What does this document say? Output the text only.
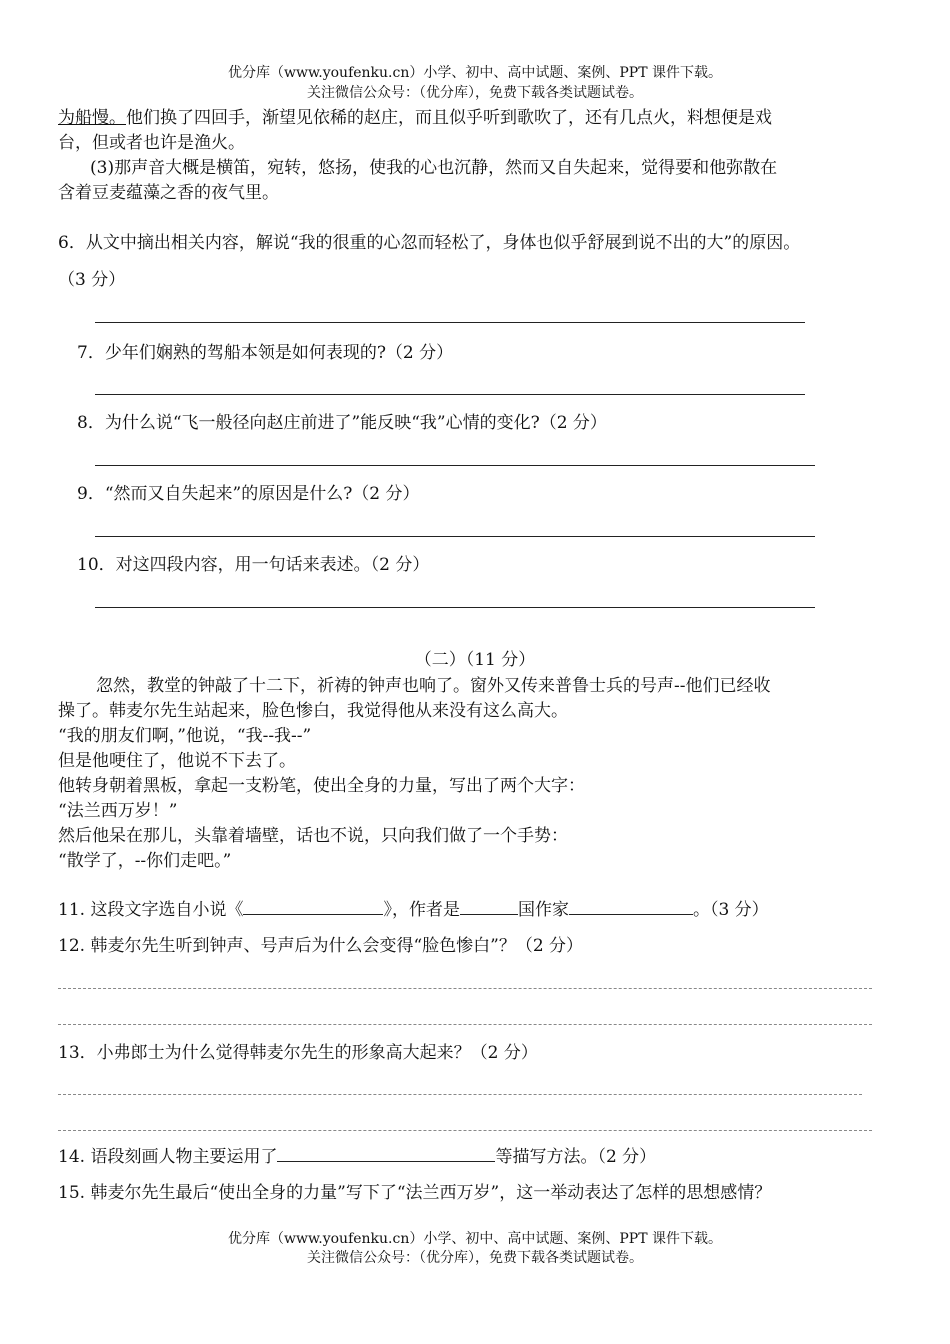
优分库（www.youfenku.cn）小学、初中、高中试题、案例、PPT 课件下载。
关注微信公众号：（优分库），免费下载各类试题试卷。
为船慢。他们换了四回手，渐望见依稀的赵庄，而且似乎听到歌吹了，还有几点火，料想便是戏
台，但或者也许是渔火。
(3)那声音大概是横笛，宛转，悠扬，使我的心也沉静，然而又自失起来，觉得要和他弥散在
含着豆麦蕴藻之香的夜气里。
6．从文中摘出相关内容，解说“我的很重的心忽而轻松了，身体也似乎舒展到说不出的大”的原因。
（3 分）
7．少年们娴熟的驾船本领是如何表现的?（2 分）
8．为什么说“飞一般径向赵庄前进了”能反映“我”心情的变化?（2 分）
9．“然而又自失起来”的原因是什么?（2 分）
10．对这四段内容，用一句话来表述。（2 分）
（二）（11 分）
忽然，教堂的钟敲了十二下，祈祷的钟声也响了。窗外又传来普鲁士兵的号声--他们已经收
操了。韩麦尔先生站起来，脸色惨白，我觉得他从来没有这么高大。
“我的朋友们啊，”他说，“我--我--”
但是他哽住了，他说不下去了。
他转身朝着黑板，拿起一支粉笔，使出全身的力量，写出了两个大字：
“法兰西万岁！”
然后他呆在那儿，头靠着墙壁，话也不说，只向我们做了一个手势：
“散学了，--你们走吧。”
11. 这段文字选自小说《	》，作者是	国作家	。（3 分）
12. 韩麦尔先生听到钟声、号声后为什么会变得“脸色惨白”？（2 分）
13．小弗郎士为什么觉得韩麦尔先生的形象高大起来？（2 分）
14. 语段刻画人物主要运用了	等描写方法。（2 分）
15. 韩麦尔先生最后“使出全身的力量”写下了“法兰西万岁”，这一举动表达了怎样的思想感情？
优分库（www.youfenku.cn）小学、初中、高中试题、案例、PPT 课件下载。
关注微信公众号：（优分库），免费下载各类试题试卷。
